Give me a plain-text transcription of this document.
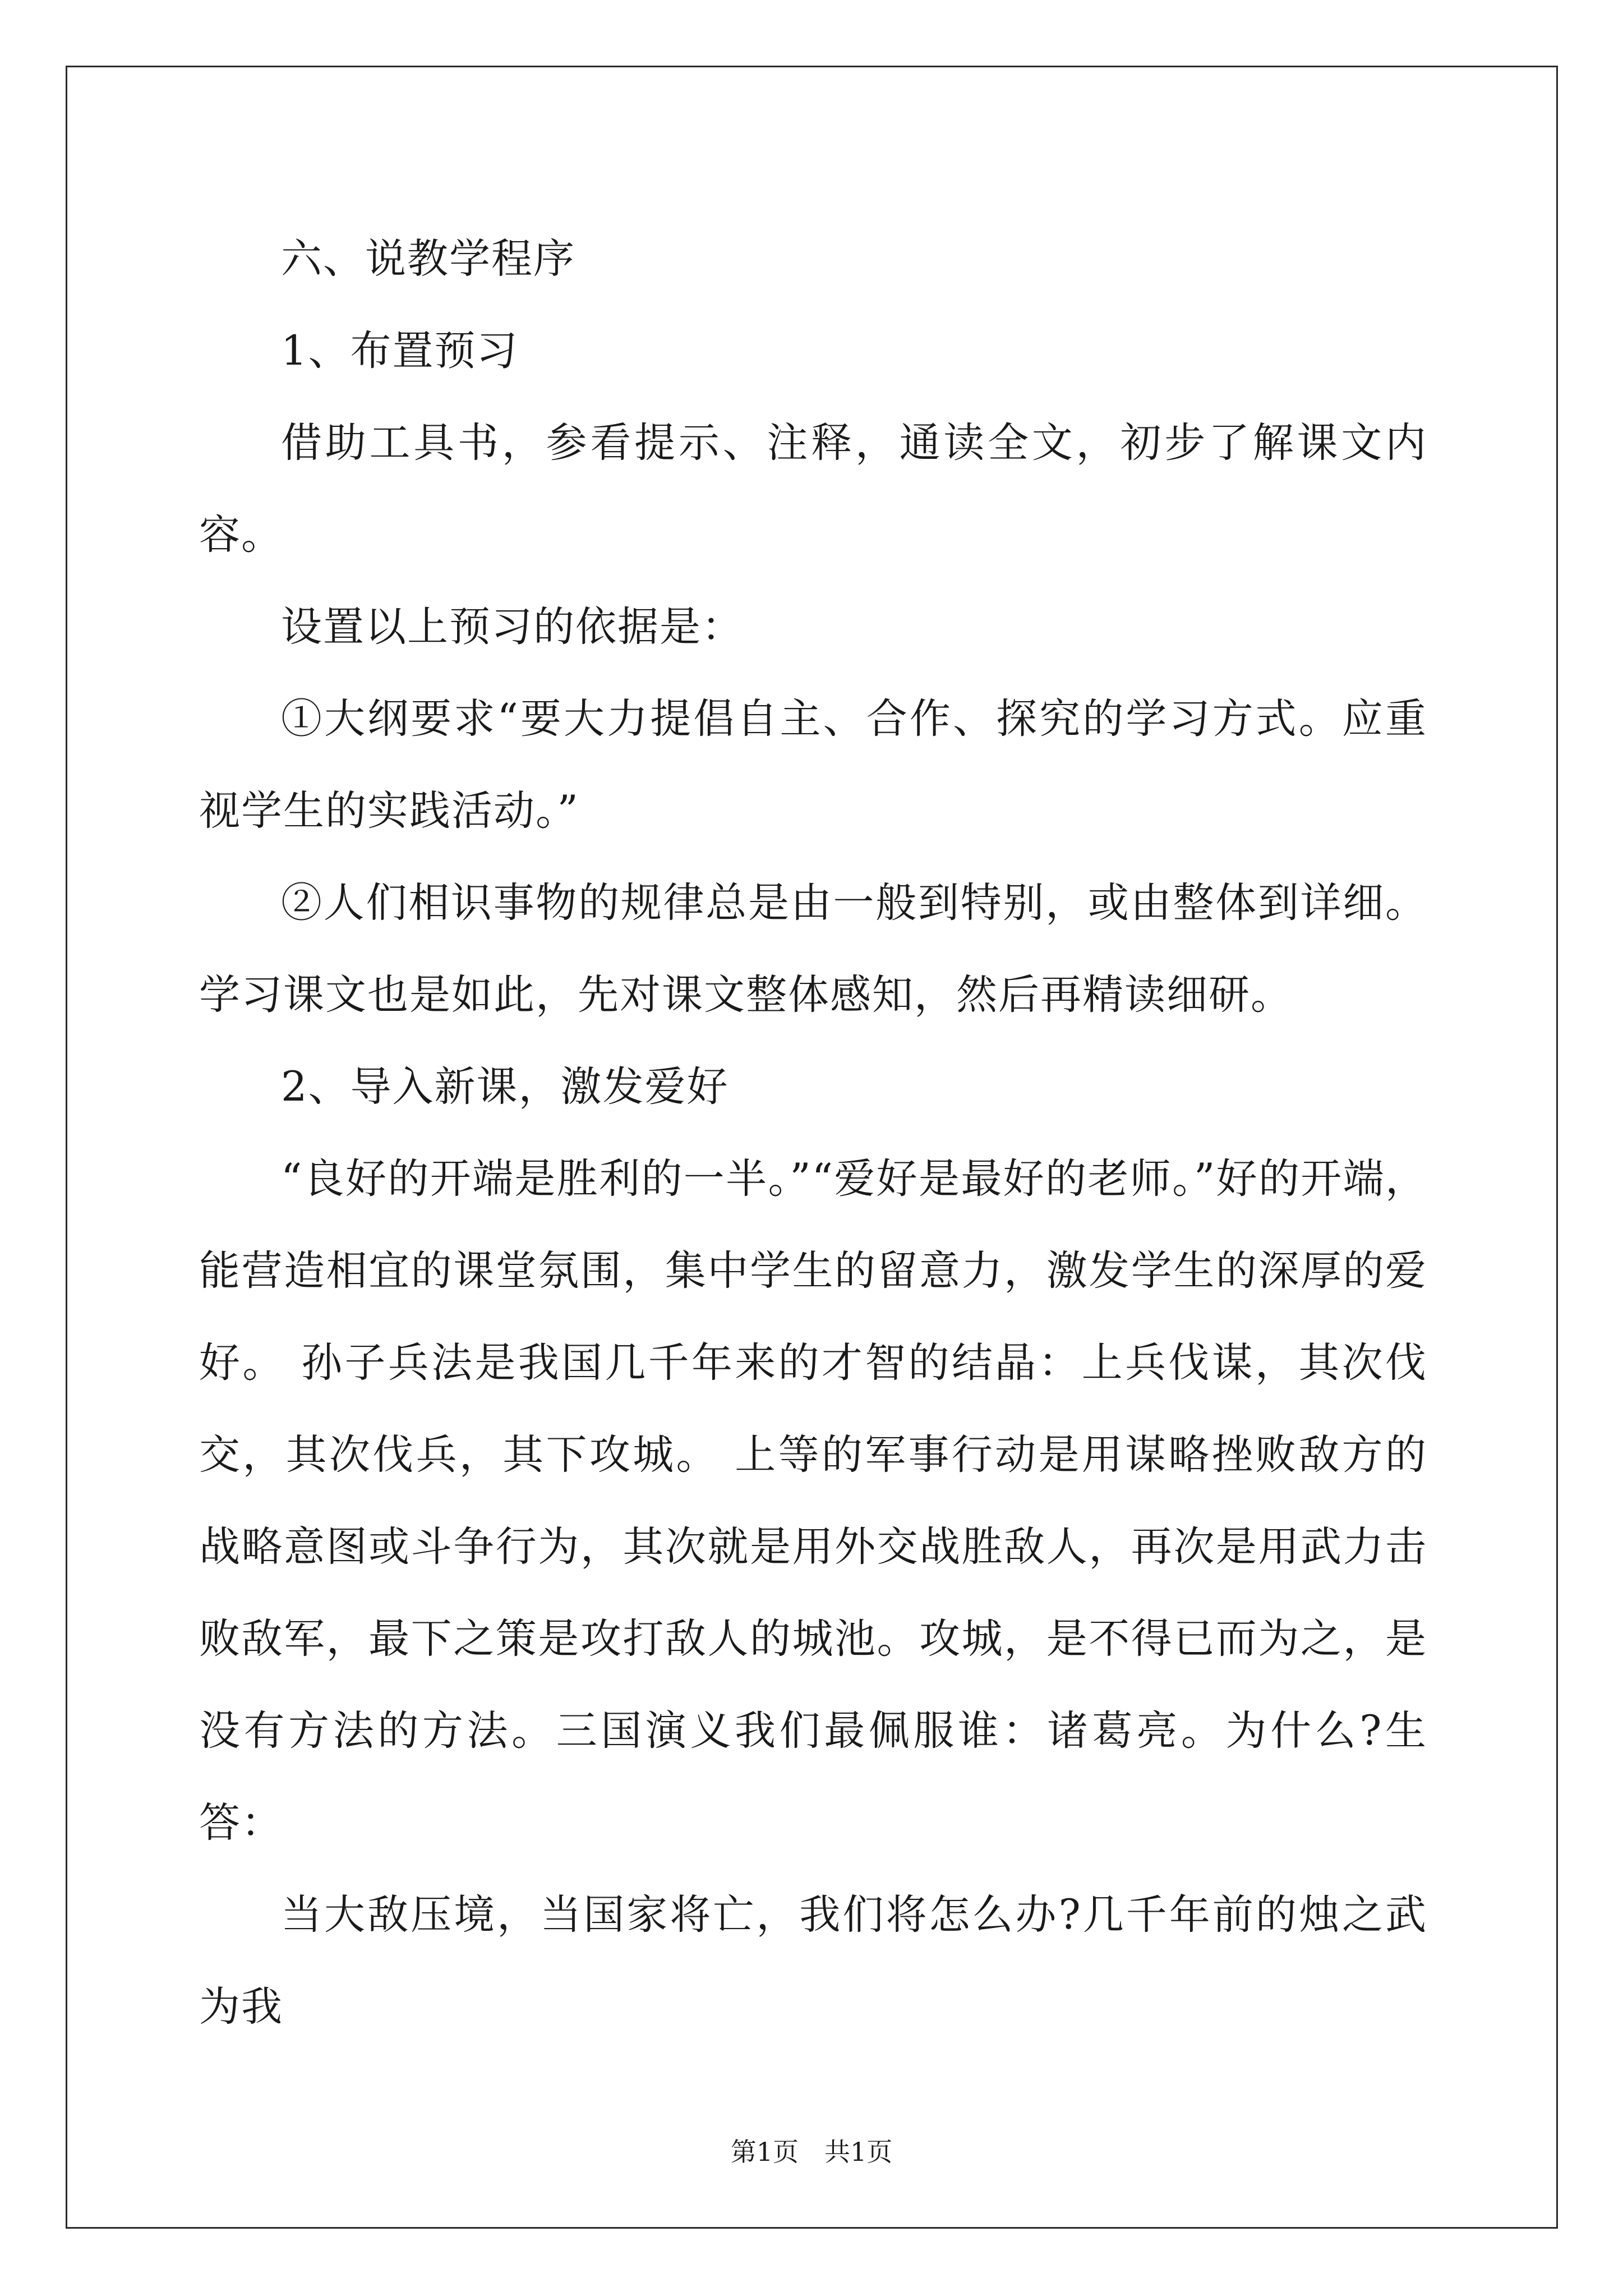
六、说教学程序

1、布置预习

借助工具书，参看提示、注释，通读全文，初步了解课文内容。

设置以上预习的依据是：

①大纲要求“要大力提倡自主、合作、探究的学习方式。应重视学生的实践活动。”

②人们相识事物的规律总是由一般到特别，或由整体到详细。学习课文也是如此，先对课文整体感知，然后再精读细研。

2、导入新课，激发爱好

“良好的开端是胜利的一半。”“爱好是最好的老师。”好的开端，能营造相宜的课堂氛围，集中学生的留意力，激发学生的深厚的爱好。 孙子兵法是我国几千年来的才智的结晶：上兵伐谋，其次伐交，其次伐兵，其下攻城。 上等的军事行动是用谋略挫败敌方的战略意图或斗争行为，其次就是用外交战胜敌人，再次是用武力击败敌军，最下之策是攻打敌人的城池。攻城，是不得已而为之，是没有方法的方法。三国演义我们最佩服谁：诸葛亮。为什么?生答：

当大敌压境，当国家将亡，我们将怎么办?几千年前的烛之武为我

第1页　共1页
